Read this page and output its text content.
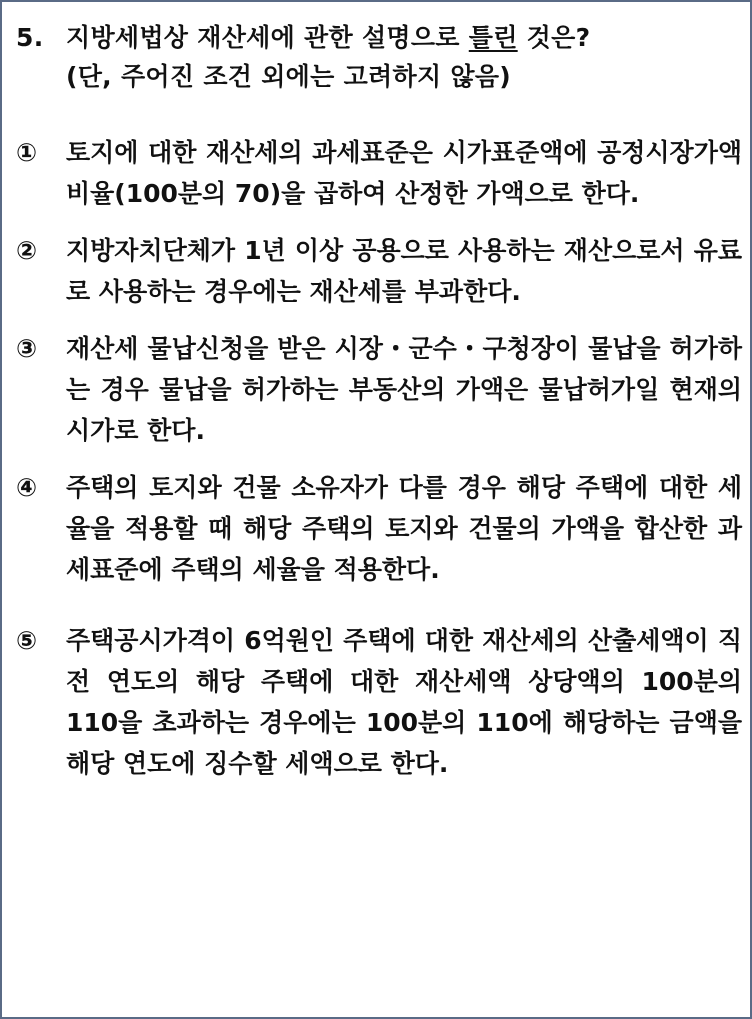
5. 지방세법상 재산세에 관한 설명으로 틀린 것은?
(단, 주어진 조건 외에는 고려하지 않음)
①	토지에 대한 재산세의 과세표준은 시가표준액에 공정시장가액비율(100분의 70)을 곱하여 산정한 가액으로 한다.
②	지방자치단체가 1년 이상 공용으로 사용하는 재산으로서 유료로 사용하는 경우에는 재산세를 부과한다.
③	재산세 물납신청을 받은 시장・군수・구청장이 물납을 허가하는 경우 물납을 허가하는 부동산의 가액은 물납허가일 현재의 시가로 한다.
④	주택의 토지와 건물 소유자가 다를 경우 해당 주택에 대한 세율을 적용할 때 해당 주택의 토지와 건물의 가액을 합산한 과세표준에 주택의 세율을 적용한다.
⑤	주택공시가격이 6억원인 주택에 대한 재산세의 산출세액이 직전 연도의 해당 주택에 대한 재산세액 상당액의 100분의 110을 초과하는 경우에는 100분의 110에 해당하는 금액을 해당 연도에 징수할 세액으로 한다.
